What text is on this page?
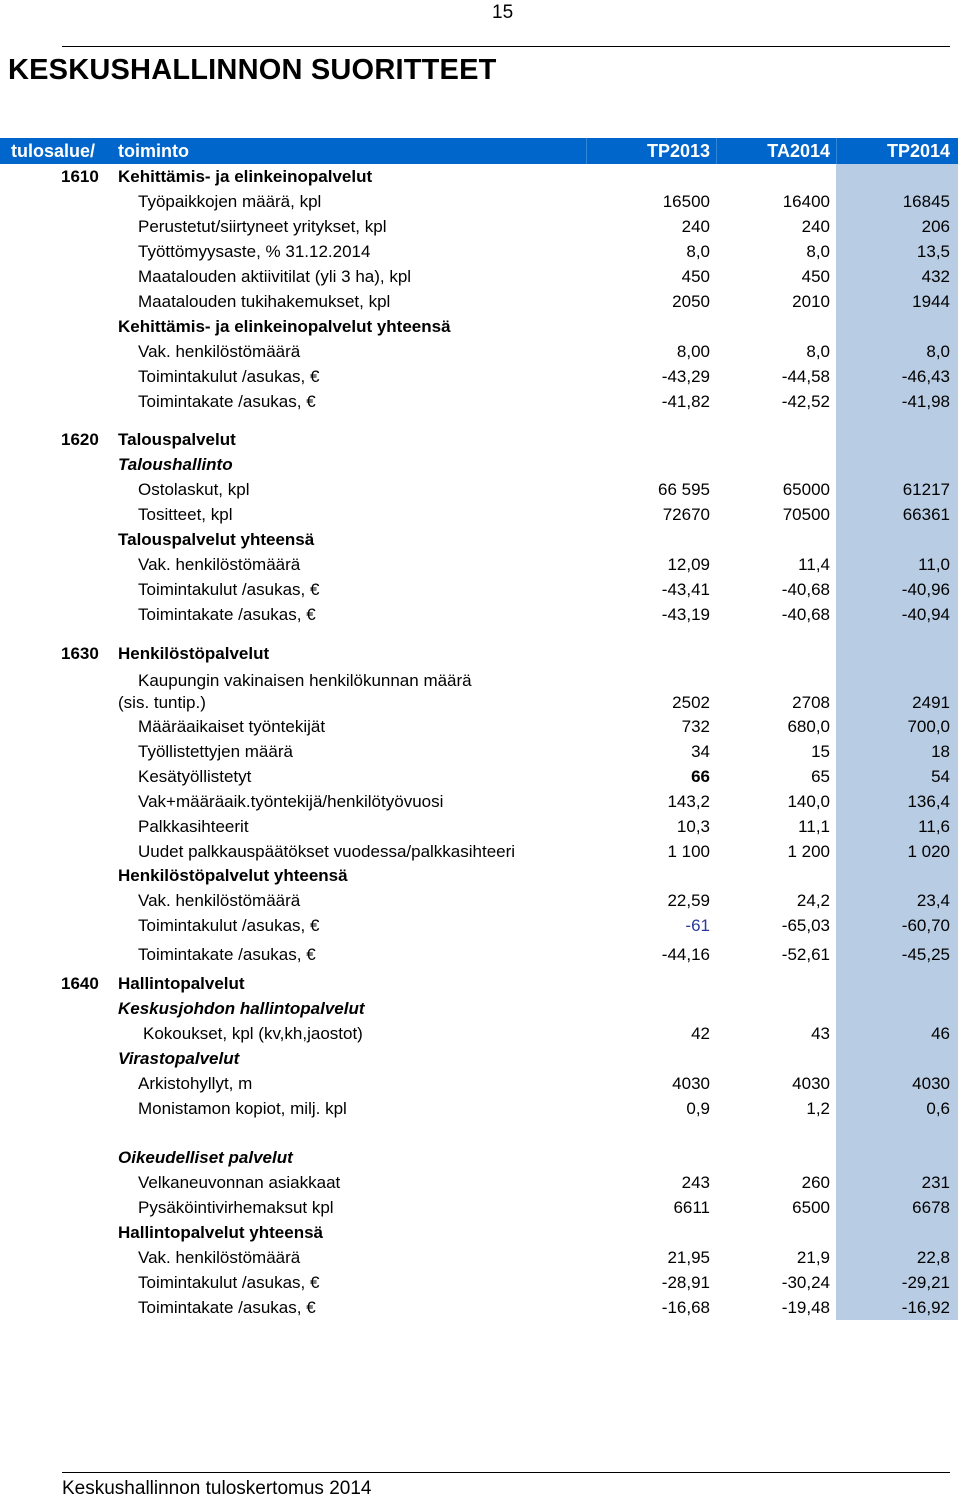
15
KESKUSHALLINNON SUORITTEET
tulosalue/ toiminto	TP2013	TA2014	TP2014
1610 Kehittämis- ja elinkeinopalvelut
Työpaikkojen määrä, kpl	16500	16400	16845
Perustetut/siirtyneet yritykset, kpl	240	240	206
Työttömyysaste, % 31.12.2014	8,0	8,0	13,5
Maatalouden aktiivitilat (yli 3 ha), kpl	450	450	432
Maatalouden tukihakemukset, kpl	2050	2010	1944
Kehittämis- ja elinkeinopalvelut yhteensä
Vak. henkilöstömäärä	8,00	8,0	8,0
Toimintakulut /asukas, €	-43,29	-44,58	-46,43
Toimintakate /asukas, €	-41,82	-42,52	-41,98
1620 Talouspalvelut
Taloushallinto
Ostolaskut, kpl	66 595	65000	61217
Tositteet, kpl	72670	70500	66361
Talouspalvelut yhteensä
Vak. henkilöstömäärä	12,09	11,4	11,0
Toimintakulut /asukas, €	-43,41	-40,68	-40,96
Toimintakate /asukas, €	-43,19	-40,68	-40,94
1630 Henkilöstöpalvelut
Kaupungin vakinaisen henkilökunnan määrä
(sis. tuntip.)	2502	2708	2491
Määräaikaiset työntekijät	732	680,0	700,0
Työllistettyjen määrä	34	15	18
Kesätyöllistetyt	66	65	54
Vak+määräaik.työntekijä/henkilötyövuosi	143,2	140,0	136,4
Palkkasihteerit	10,3	11,1	11,6
Uudet palkkauspäätökset vuodessa/palkkasihteeri	1 100	1 200	1 020
Henkilöstöpalvelut yhteensä
Vak. henkilöstömäärä	22,59	24,2	23,4
Toimintakulut /asukas, €	-61	-65,03	-60,70
Toimintakate /asukas, €	-44,16	-52,61	-45,25
1640 Hallintopalvelut
Keskusjohdon hallintopalvelut
Kokoukset, kpl (kv,kh,jaostot)	42	43	46
Virastopalvelut
Arkistohyllyt, m	4030	4030	4030
Monistamon kopiot, milj. kpl	0,9	1,2	0,6
Oikeudelliset palvelut
Velkaneuvonnan asiakkaat	243	260	231
Pysäköintivirhemaksut kpl	6611	6500	6678
Hallintopalvelut yhteensä
Vak. henkilöstömäärä	21,95	21,9	22,8
Toimintakulut /asukas, €	-28,91	-30,24	-29,21
Toimintakate /asukas, €	-16,68	-19,48	-16,92
Keskushallinnon tuloskertomus 2014
